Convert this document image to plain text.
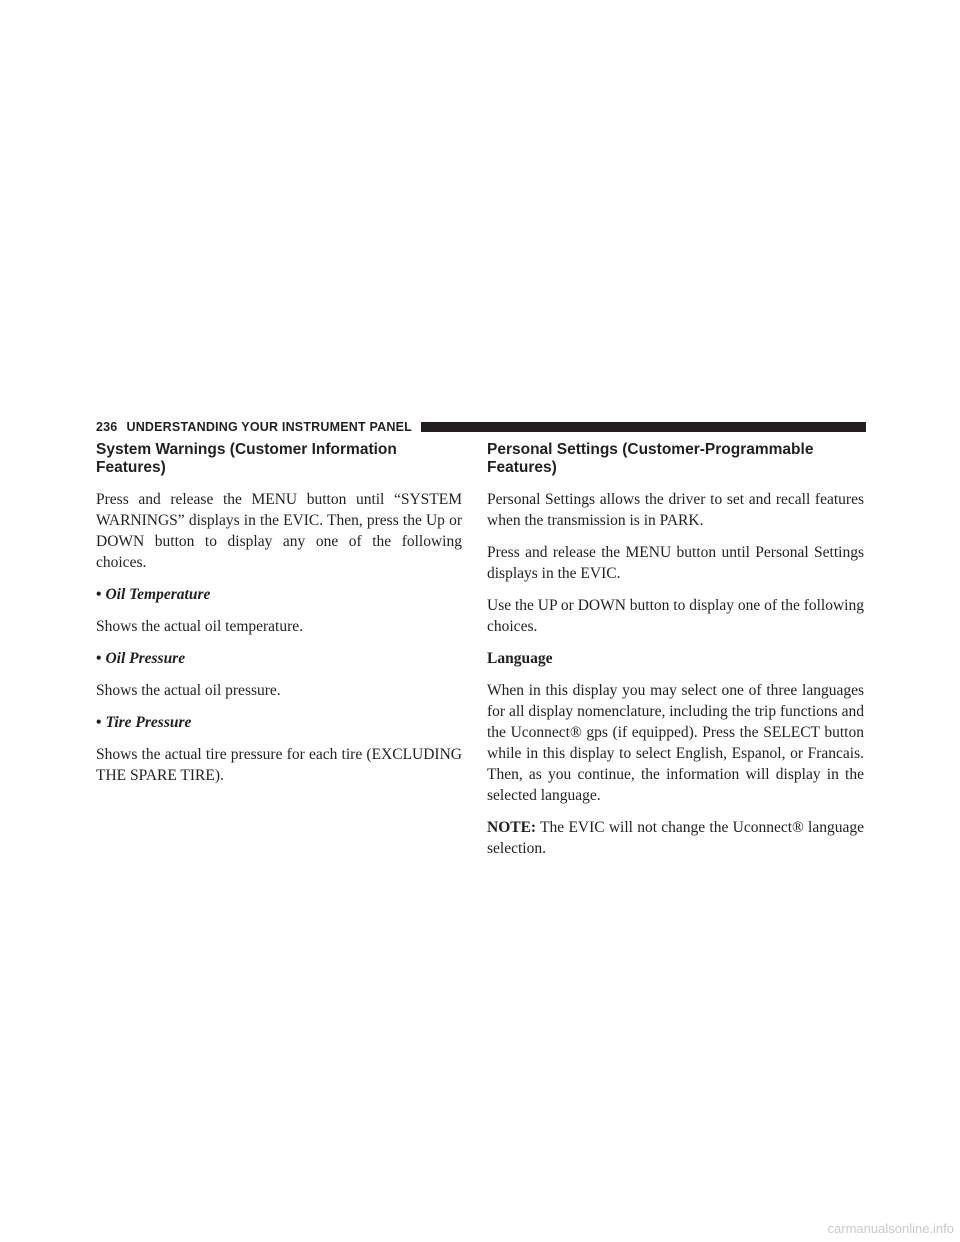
236 UNDERSTANDING YOUR INSTRUMENT PANEL
System Warnings (Customer Information Features)

Press and release the MENU button until “SYSTEM WARNINGS” displays in the EVIC. Then, press the Up or DOWN button to display any one of the following choices.

• Oil Temperature

Shows the actual oil temperature.

• Oil Pressure

Shows the actual oil pressure.

• Tire Pressure

Shows the actual tire pressure for each tire (EXCLUDING THE SPARE TIRE).

Personal Settings (Customer-Programmable Features)

Personal Settings allows the driver to set and recall features when the transmission is in PARK.

Press and release the MENU button until Personal Settings displays in the EVIC.

Use the UP or DOWN button to display one of the following choices.

Language

When in this display you may select one of three languages for all display nomenclature, including the trip functions and the Uconnect® gps (if equipped). Press the SELECT button while in this display to select English, Espanol, or Francais. Then, as you continue, the information will display in the selected language.

NOTE: The EVIC will not change the Uconnect® language selection.

carmanualsonline.info
